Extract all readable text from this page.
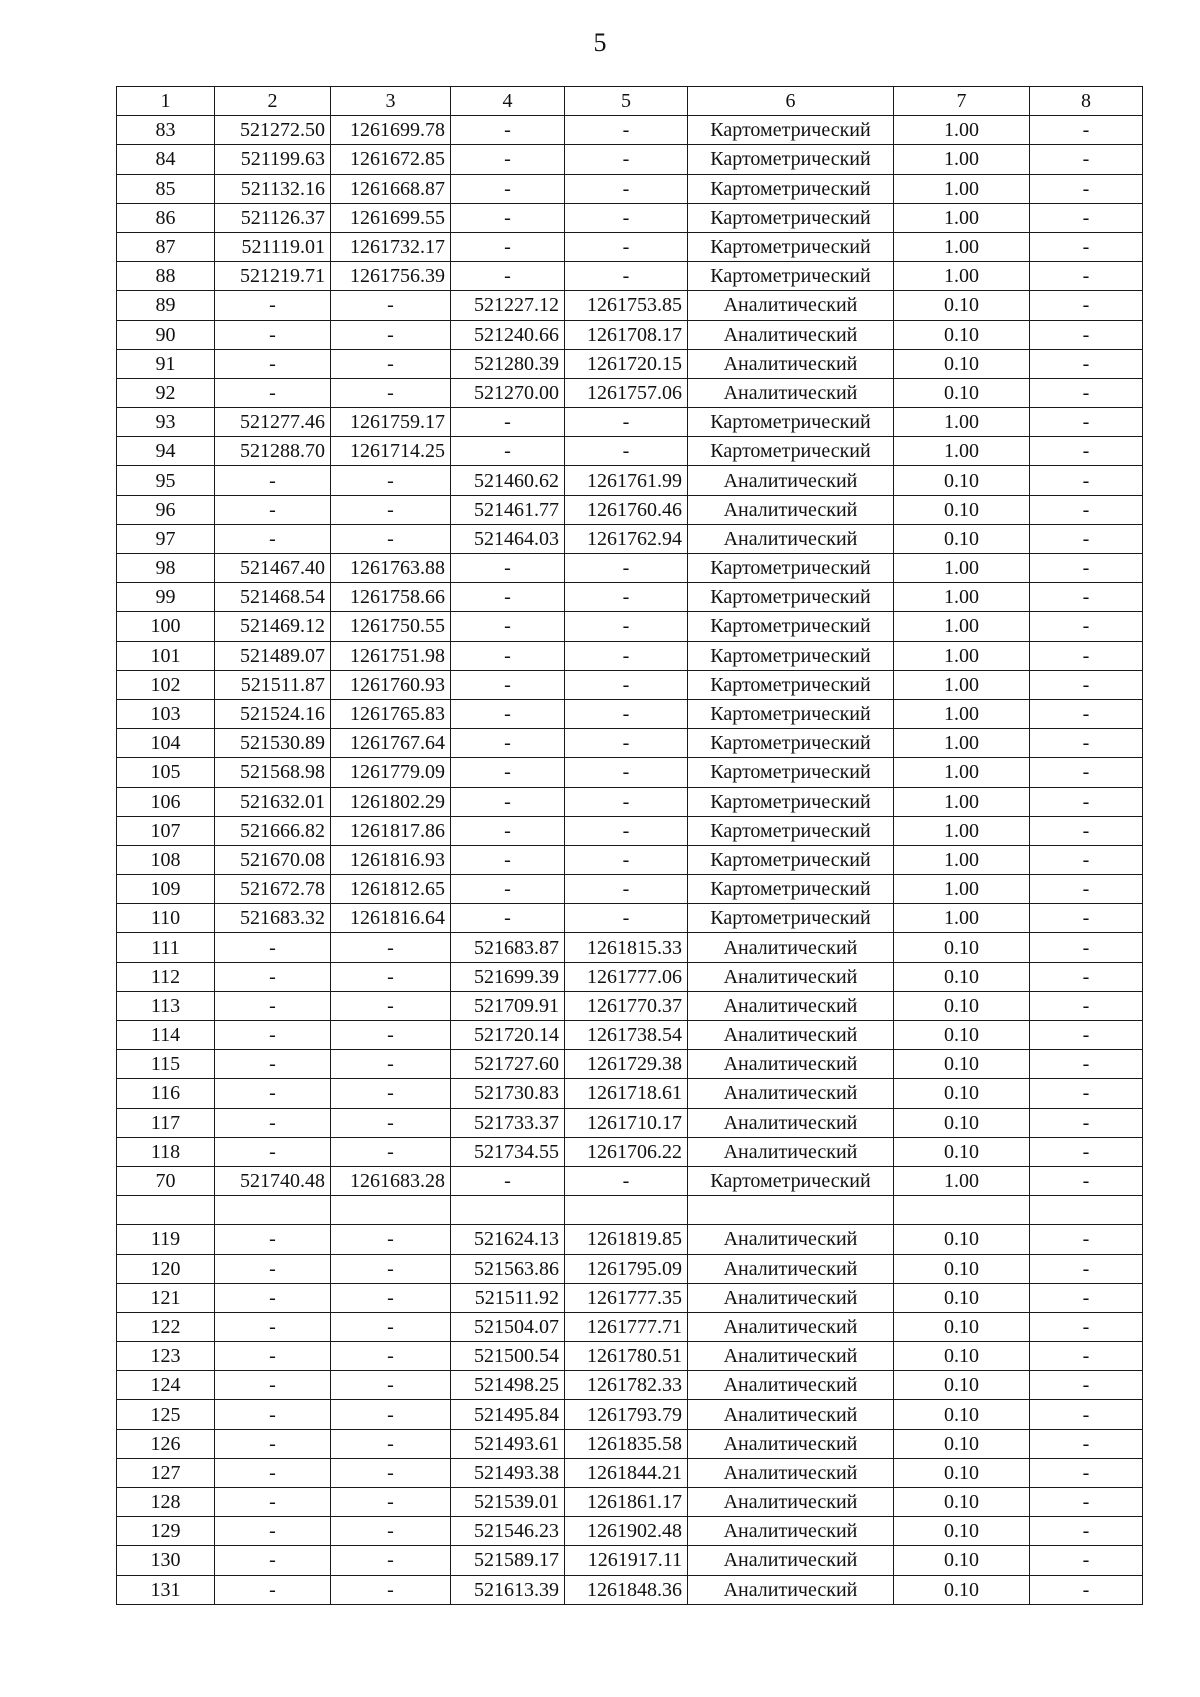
5
1	2	3	4	5	6	7	8
83	521272.50	1261699.78	-	-	Картометрический	1.00	-
84	521199.63	1261672.85	-	-	Картометрический	1.00	-
85	521132.16	1261668.87	-	-	Картометрический	1.00	-
86	521126.37	1261699.55	-	-	Картометрический	1.00	-
87	521119.01	1261732.17	-	-	Картометрический	1.00	-
88	521219.71	1261756.39	-	-	Картометрический	1.00	-
89	-	-	521227.12	1261753.85	Аналитический	0.10	-
90	-	-	521240.66	1261708.17	Аналитический	0.10	-
91	-	-	521280.39	1261720.15	Аналитический	0.10	-
92	-	-	521270.00	1261757.06	Аналитический	0.10	-
93	521277.46	1261759.17	-	-	Картометрический	1.00	-
94	521288.70	1261714.25	-	-	Картометрический	1.00	-
95	-	-	521460.62	1261761.99	Аналитический	0.10	-
96	-	-	521461.77	1261760.46	Аналитический	0.10	-
97	-	-	521464.03	1261762.94	Аналитический	0.10	-
98	521467.40	1261763.88	-	-	Картометрический	1.00	-
99	521468.54	1261758.66	-	-	Картометрический	1.00	-
100	521469.12	1261750.55	-	-	Картометрический	1.00	-
101	521489.07	1261751.98	-	-	Картометрический	1.00	-
102	521511.87	1261760.93	-	-	Картометрический	1.00	-
103	521524.16	1261765.83	-	-	Картометрический	1.00	-
104	521530.89	1261767.64	-	-	Картометрический	1.00	-
105	521568.98	1261779.09	-	-	Картометрический	1.00	-
106	521632.01	1261802.29	-	-	Картометрический	1.00	-
107	521666.82	1261817.86	-	-	Картометрический	1.00	-
108	521670.08	1261816.93	-	-	Картометрический	1.00	-
109	521672.78	1261812.65	-	-	Картометрический	1.00	-
110	521683.32	1261816.64	-	-	Картометрический	1.00	-
111	-	-	521683.87	1261815.33	Аналитический	0.10	-
112	-	-	521699.39	1261777.06	Аналитический	0.10	-
113	-	-	521709.91	1261770.37	Аналитический	0.10	-
114	-	-	521720.14	1261738.54	Аналитический	0.10	-
115	-	-	521727.60	1261729.38	Аналитический	0.10	-
116	-	-	521730.83	1261718.61	Аналитический	0.10	-
117	-	-	521733.37	1261710.17	Аналитический	0.10	-
118	-	-	521734.55	1261706.22	Аналитический	0.10	-
70	521740.48	1261683.28	-	-	Картометрический	1.00	-

119	-	-	521624.13	1261819.85	Аналитический	0.10	-
120	-	-	521563.86	1261795.09	Аналитический	0.10	-
121	-	-	521511.92	1261777.35	Аналитический	0.10	-
122	-	-	521504.07	1261777.71	Аналитический	0.10	-
123	-	-	521500.54	1261780.51	Аналитический	0.10	-
124	-	-	521498.25	1261782.33	Аналитический	0.10	-
125	-	-	521495.84	1261793.79	Аналитический	0.10	-
126	-	-	521493.61	1261835.58	Аналитический	0.10	-
127	-	-	521493.38	1261844.21	Аналитический	0.10	-
128	-	-	521539.01	1261861.17	Аналитический	0.10	-
129	-	-	521546.23	1261902.48	Аналитический	0.10	-
130	-	-	521589.17	1261917.11	Аналитический	0.10	-
131	-	-	521613.39	1261848.36	Аналитический	0.10	-
